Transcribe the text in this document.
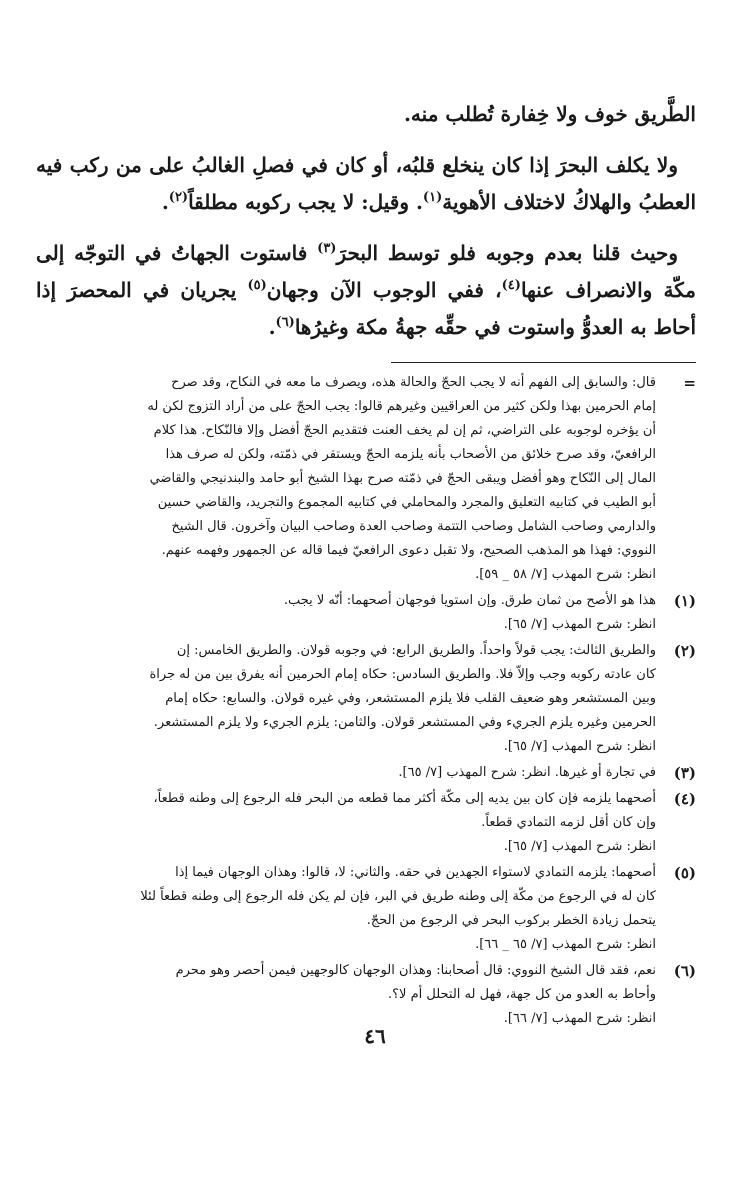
الطَّريق خوف ولا خِفارة تُطلب منه.

ولا يكلف البحرَ إذا كان ينخلع قلبُه، أو كان في فصلِ الغالبُ على من ركب فيه العطبُ والهلاكُ لاختلاف الأهوية$^{(١)}$. وقيل: لا يجب ركوبه مطلقاً$^{(٢)}$.

وحيث قلنا بعدم وجوبه فلو توسط البحرَ$^{(٣)}$ فاستوت الجهاتُ في التوجّه إلى مكّة والانصراف عنها$^{(٤)}$، ففي الوجوب الآن وجهان$^{(٥)}$ يجريان في المحصرَ إذا أحاط به العدوُّ واستوت في حقِّه جهةُ مكة وغيرُها$^{(٦)}$.

=
قال: والسابق إلى الفهم أنه لا يجب الحجّ والحالة هذه، ويصرف ما معه في النكاح، وقد صرح
إمام الحرمين بهذا ولكن كثير من العراقيين وغيرهم قالوا: يجب الحجّ على من أراد التزوج لكن له
أن يؤخره لوجوبه على التراضي، ثم إن لم يخف العنت فتقديم الحجّ أفضل وإلا فالنّكاح. هذا كلام
الرافعيّ، وقد صرح خلائق من الأصحاب بأنه يلزمه الحجّ ويستقر في ذمّته، ولكن له صرف هذا
المال إلى النّكاح وهو أفضل ويبقى الحجّ في ذمّته صرح بهذا الشيخ أبو حامد والبندنيجي والقاضي
أبو الطيب في كتابيه التعليق والمجرد والمحاملي في كتابيه المجموع والتجريد، والقاضي حسين
والدارمي وصاحب الشامل وصاحب التتمة وصاحب العدة وصاحب البيان وآخرون. قال الشيخ
النووي: فهذا هو المذهب الصحيح، ولا تقبل دعوى الرافعيّ فيما قاله عن الجمهور وفهمه عنهم.
انظر: شرح المهذب [٧/ ٥٨ _ ٥٩].
(١)
هذا هو الأصح من ثمان طرق. وإن استويا فوجهان أصحهما: أنّه لا يجب.
انظر: شرح المهذب [٧/ ٦٥].
(٢)
والطريق الثالث: يجب قولاً واحداً. والطريق الرابع: في وجوبه قولان. والطريق الخامس: إن
كان عادته ركوبه وجب وإلاّ فلا. والطريق السادس: حكاه إمام الحرمين أنه يفرق بين من له جراة
وبين المستشعر وهو ضعيف القلب فلا يلزم المستشعر، وفي غيره قولان. والسابع: حكاه إمام
الحرمين وغيره يلزم الجريء وفي المستشعر قولان. والثامن: يلزم الجريء ولا يلزم المستشعر.
انظر: شرح المهذب [٧/ ٦٥].
(٣)
في تجارة أو غيرها. انظر: شرح المهذب [٧/ ٦٥].
(٤)
أصحهما يلزمه فإن كان بين يديه إلى مكّة أكثر مما قطعه من البحر فله الرجوع إلى وطنه قطعاً،
وإن كان أقل لزمه التمادي قطعاً.
انظر: شرح المهذب [٧/ ٦٥].
(٥)
أصحهما: يلزمه التمادي لاستواء الجهدين في حقه. والثاني: لا، قالوا: وهذان الوجهان فيما إذا
كان له في الرجوع من مكّة إلى وطنه طريق في البر، فإن لم يكن فله الرجوع إلى وطنه قطعاً لئلا
يتحمل زيادة الخطر بركوب البحر في الرجوع من الحجّ.
انظر: شرح المهذب [٧/ ٦٥ _ ٦٦].
(٦)
نعم، فقد قال الشيخ النووي: قال أصحابنا: وهذان الوجهان كالوجهين فيمن أحصر وهو محرم
وأحاط به العدو من كل جهة، فهل له التحلل أم لا؟.
انظر: شرح المهذب [٧/ ٦٦].
٤٦
